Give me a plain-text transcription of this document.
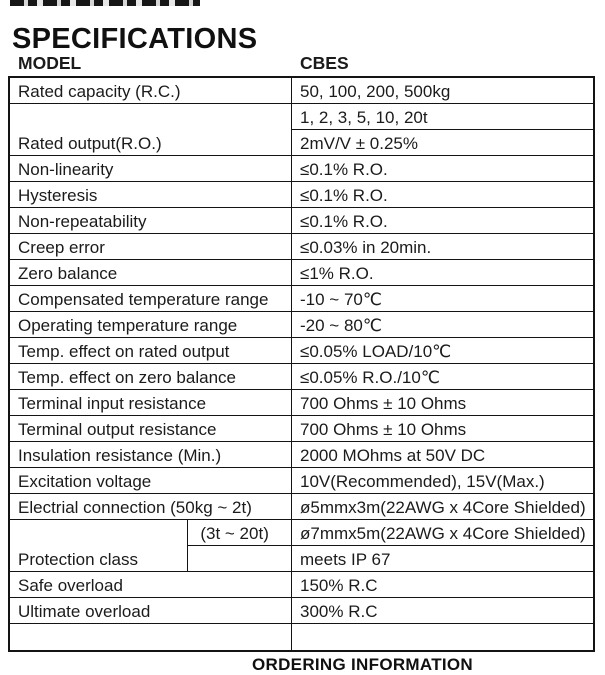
SPECIFICATIONS
MODEL	CBES
Rated capacity (R.C.)	50, 100, 200, 500kg
1, 2, 3, 5, 10, 20t
Rated output(R.O.)	2mV/V ± 0.25%
Non-linearity	≤0.1% R.O.
Hysteresis	≤0.1% R.O.
Non-repeatability	≤0.1% R.O.
Creep error	≤0.03% in 20min.
Zero balance	≤1% R.O.
Compensated temperature range	-10 ~ 70℃
Operating temperature range	-20 ~ 80℃
Temp. effect on rated output	≤0.05% LOAD/10℃
Temp. effect on zero balance	≤0.05% R.O./10℃
Terminal input resistance	700 Ohms ± 10 Ohms
Terminal output resistance	700 Ohms ± 10 Ohms
Insulation resistance (Min.)	2000 MOhms at 50V DC
Excitation voltage	10V(Recommended), 15V(Max.)
Electrial connection (50kg ~ 2t)	ø5mmx3m(22AWG x 4Core Shielded)
(3t ~ 20t)	ø7mmx5m(22AWG x 4Core Shielded)
Protection class	meets IP 67
Safe overload	150% R.C
Ultimate overload	300% R.C
ORDERING INFORMATION
